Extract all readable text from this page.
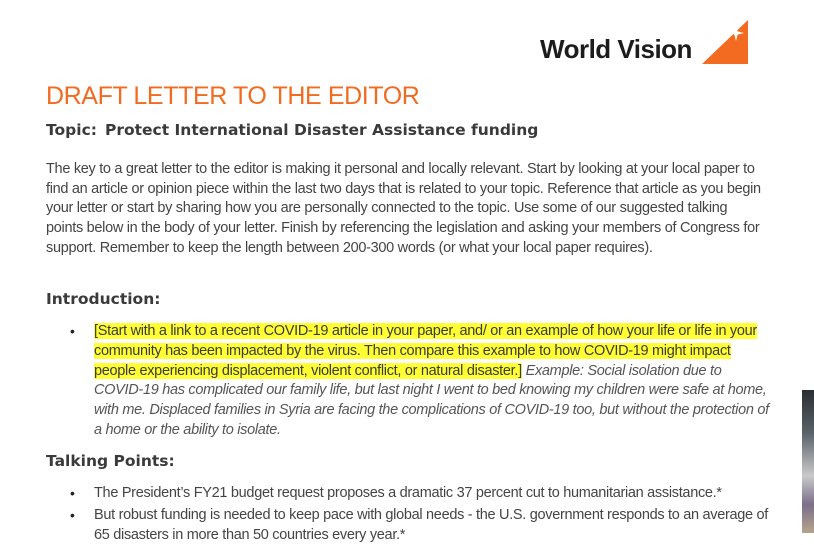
World Vision
DRAFT LETTER TO THE EDITOR
Topic: Protect International Disaster Assistance funding

The key to a great letter to the editor is making it personal and locally relevant. Start by looking at your local paper to find an article or opinion piece within the last two days that is related to your topic. Reference that article as you begin your letter or start by sharing how you are personally connected to the topic. Use some of our suggested talking points below in the body of your letter. Finish by referencing the legislation and asking your members of Congress for support. Remember to keep the length between 200-300 words (or what your local paper requires).

Introduction:
• [Start with a link to a recent COVID-19 article in your paper, and/ or an example of how your life or life in your community has been impacted by the virus. Then compare this example to how COVID-19 might impact people experiencing displacement, violent conflict, or natural disaster.] Example: Social isolation due to COVID-19 has complicated our family life, but last night I went to bed knowing my children were safe at home, with me. Displaced families in Syria are facing the complications of COVID-19 too, but without the protection of a home or the ability to isolate.
Talking Points:
• The President’s FY21 budget request proposes a dramatic 37 percent cut to humanitarian assistance.*
• But robust funding is needed to keep pace with global needs - the U.S. government responds to an average of 65 disasters in more than 50 countries every year.*
